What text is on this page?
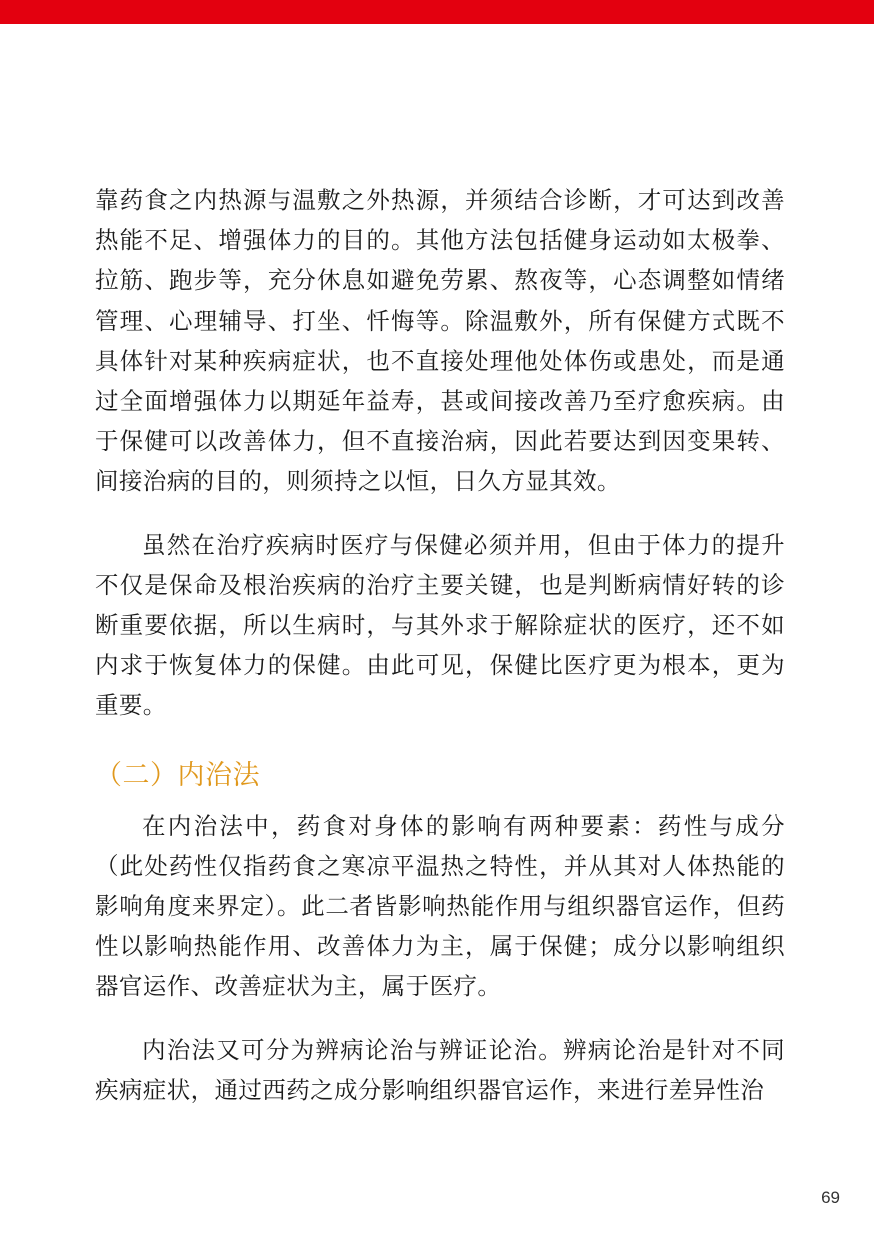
靠药食之内热源与温敷之外热源，并须结合诊断，才可达到改善热能不足、增强体力的目的。其他方法包括健身运动如太极拳、拉筋、跑步等，充分休息如避免劳累、熬夜等，心态调整如情绪管理、心理辅导、打坐、忏悔等。除温敷外，所有保健方式既不具体针对某种疾病症状，也不直接处理他处体伤或患处，而是通过全面增强体力以期延年益寿，甚或间接改善乃至疗愈疾病。由于保健可以改善体力，但不直接治病，因此若要达到因变果转、间接治病的目的，则须持之以恒，日久方显其效。

虽然在治疗疾病时医疗与保健必须并用，但由于体力的提升不仅是保命及根治疾病的治疗主要关键，也是判断病情好转的诊断重要依据，所以生病时，与其外求于解除症状的医疗，还不如内求于恢复体力的保健。由此可见，保健比医疗更为根本，更为重要。

（二）内治法

在内治法中，药食对身体的影响有两种要素：药性与成分（此处药性仅指药食之寒凉平温热之特性，并从其对人体热能的影响角度来界定）。此二者皆影响热能作用与组织器官运作，但药性以影响热能作用、改善体力为主，属于保健；成分以影响组织器官运作、改善症状为主，属于医疗。

内治法又可分为辨病论治与辨证论治。辨病论治是针对不同疾病症状，通过西药之成分影响组织器官运作，来进行差异性治

69
